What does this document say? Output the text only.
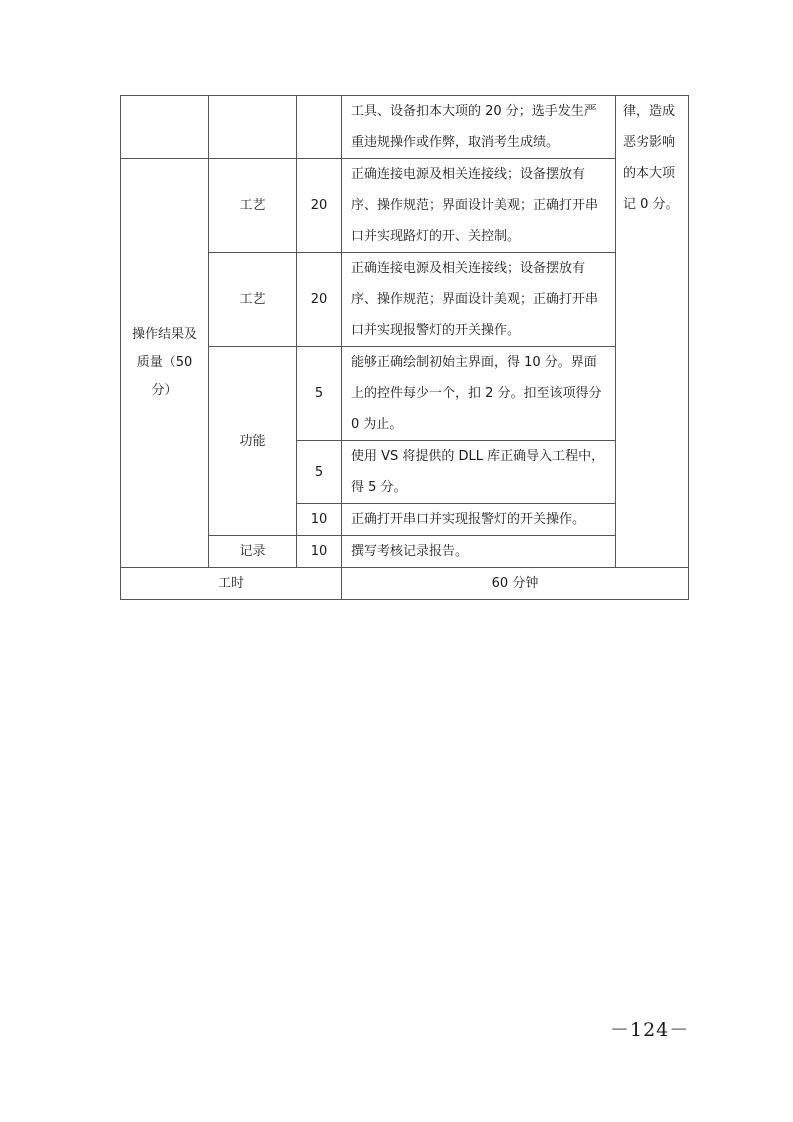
			工具、设备扣本大项的 20 分；选手发生严重违规操作或作弊，取消考生成绩。	律，造成恶劣影响的本大项记 0 分。
操作结果及质量（50 分）	工艺	20	正确连接电源及相关连接线；设备摆放有序、操作规范；界面设计美观；正确打开串口并实现路灯的开、关控制。	
	工艺	20	正确连接电源及相关连接线；设备摆放有序、操作规范；界面设计美观；正确打开串口并实现报警灯的开关操作。	
	功能	5	能够正确绘制初始主界面，得 10 分。界面上的控件每少一个，扣 2 分。扣至该项得分 0 为止。	
		5	使用 VS 将提供的 DLL 库正确导入工程中，得 5 分。	
		10	正确打开串口并实现报警灯的开关操作。	
	记录	10	撰写考核记录报告。	
工时			60 分钟	
－124－
